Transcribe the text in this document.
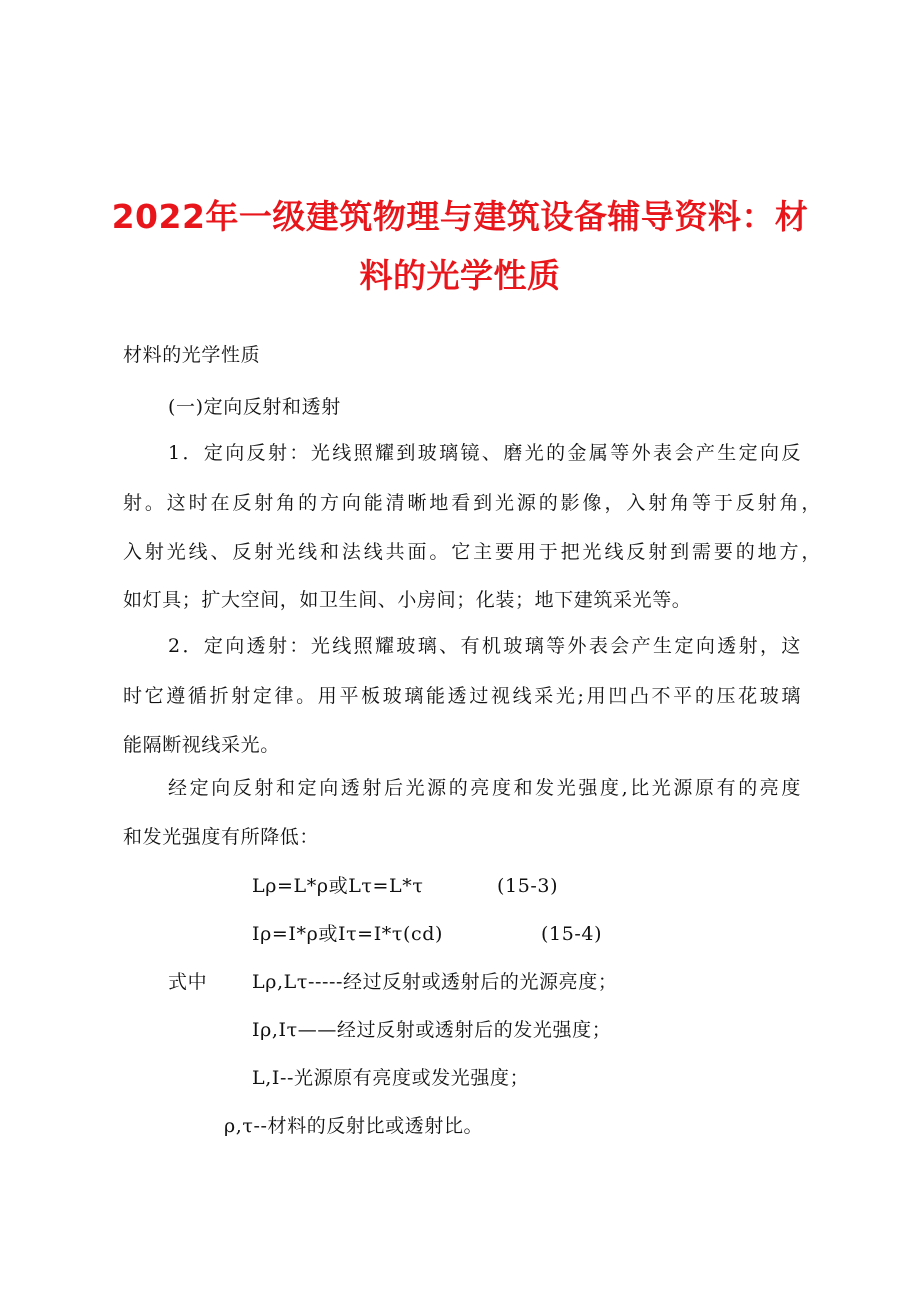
2022年一级建筑物理与建筑设备辅导资料：材
料的光学性质
材料的光学性质
(一)定向反射和透射
1．定向反射：光线照耀到玻璃镜、磨光的金属等外表会产生定向反
射。这时在反射角的方向能清晰地看到光源的影像，入射角等于反射角，
入射光线、反射光线和法线共面。它主要用于把光线反射到需要的地方，
如灯具；扩大空间，如卫生间、小房间；化装；地下建筑采光等。
2．定向透射：光线照耀玻璃、有机玻璃等外表会产生定向透射，这
时它遵循折射定律。用平板玻璃能透过视线采光;用凹凸不平的压花玻璃
能隔断视线采光。
经定向反射和定向透射后光源的亮度和发光强度,比光源原有的亮度
和发光强度有所降低：
Lρ=L*ρ或Lτ=L*τ	(15-3)
Iρ=I*ρ或Iτ=I*τ(cd)	(15-4)
式中 Lρ,Lτ-----经过反射或透射后的光源亮度；
Iρ,Iτ——经过反射或透射后的发光强度；
L,I--光源原有亮度或发光强度；
ρ,τ--材料的反射比或透射比。
